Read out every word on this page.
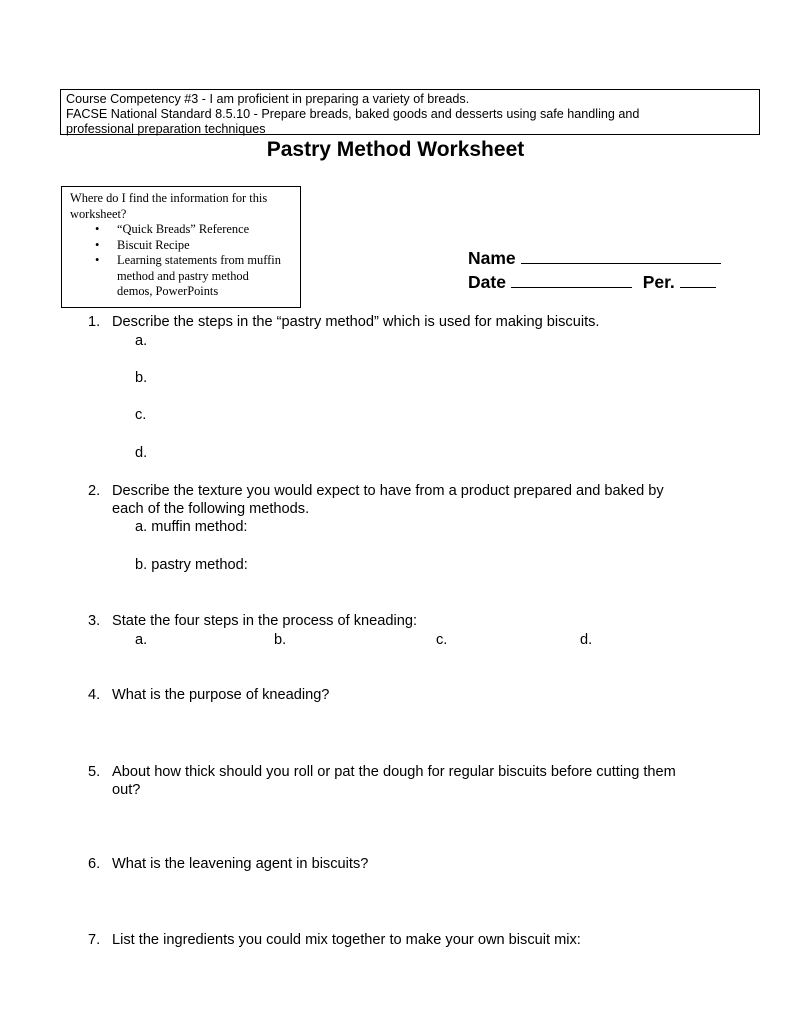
Course Competency #3 - I am proficient in preparing a variety of breads.
FACSE National Standard 8.5.10 - Prepare breads, baked goods and desserts using safe handling and
professional preparation techniques
Pastry Method Worksheet
Where do I find the information for this
worksheet?
• “Quick Breads” Reference
• Biscuit Recipe
• Learning statements from muffin
method and pastry method
demos, PowerPoints
Name
Date	Per.
1. Describe the steps in the “pastry method” which is used for making biscuits.
a.
b.
c.
d.
2. Describe the texture you would expect to have from a product prepared and baked by
each of the following methods.
a. muffin method:
b. pastry method:
3. State the four steps in the process of kneading:
a.	b.	c.	d.
4. What is the purpose of kneading?
5. About how thick should you roll or pat the dough for regular biscuits before cutting them
out?
6. What is the leavening agent in biscuits?
7. List the ingredients you could mix together to make your own biscuit mix:
